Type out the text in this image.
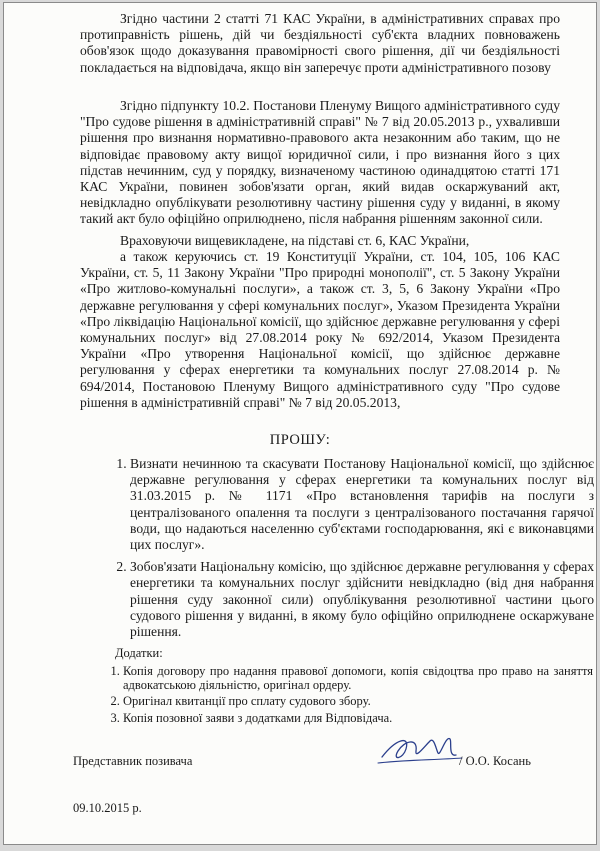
Згідно частини 2 статті 71 КАС України, в адміністративних справах про протиправність рішень, дій чи бездіяльності суб'єкта владних повноважень обов'язок щодо доказування правомірності свого рішення, дії чи бездіяльності покладається на відповідача, якщо він заперечує проти адміністративного позову

Згідно підпункту 10.2. Постанови Пленуму Вищого адміністративного суду "Про судове рішення в адміністративній справі" № 7 від 20.05.2013 р., ухваливши рішення про визнання нормативно-правового акта незаконним або таким, що не відповідає правовому акту вищої юридичної сили, і про визнання його з цих підстав нечинним, суд у порядку, визначеному частиною одинадцятою статті 171 КАС України, повинен зобов'язати орган, який видав оскаржуваний акт, невідкладно опублікувати резолютивну частину рішення суду у виданні, в якому такий акт було офіційно оприлюднено, після набрання рішенням законної сили.

Враховуючи вищевикладене, на підставі ст. 6, КАС України,

а також керуючись ст. 19 Конституції України, ст. 104, 105, 106 КАС України, ст. 5, 11 Закону України "Про природні монополії", ст. 5 Закону України «Про житлово-комунальні послуги», а також ст. 3, 5, 6 Закону України «Про державне регулювання у сфері комунальних послуг», Указом Президента України «Про ліквідацію Національної комісії, що здійснює державне регулювання у сфері комунальних послуг» від 27.08.2014 року № 692/2014, Указом Президента України «Про утворення Національної комісії, що здійснює державне регулювання у сферах енергетики та комунальних послуг 27.08.2014 р. № 694/2014, Постановою Пленуму Вищого адміністративного суду "Про судове рішення в адміністративній справі" № 7 від 20.05.2013,

ПРОШУ:

1. Визнати нечинною та скасувати Постанову Національної комісії, що здійснює державне регулювання у сферах енергетики та комунальних послуг від 31.03.2015 р. № 1171 «Про встановлення тарифів на послуги з централізованого опалення та послуги з централізованого постачання гарячої води, що надаються населенню суб'єктами господарювання, які є виконавцями цих послуг».
2. Зобов'язати Національну комісію, що здійснює державне регулювання у сферах енергетики та комунальних послуг здійснити невідкладно (від дня набрання рішення суду законної сили) опублікування резолютивної частини цього судового рішення у виданні, в якому було офіційно оприлюднене оскаржуване рішення.

Додатки:

1. Копія договору про надання правової допомоги, копія свідоцтва про право на заняття адвокатською діяльністю, оригінал ордеру.
2. Оригінал квитанції про сплату судового збору.
3. Копія позовної заяви з додатками для Відповідача.

Представник позивача	/ О.О. Косань

09.10.2015 р.
